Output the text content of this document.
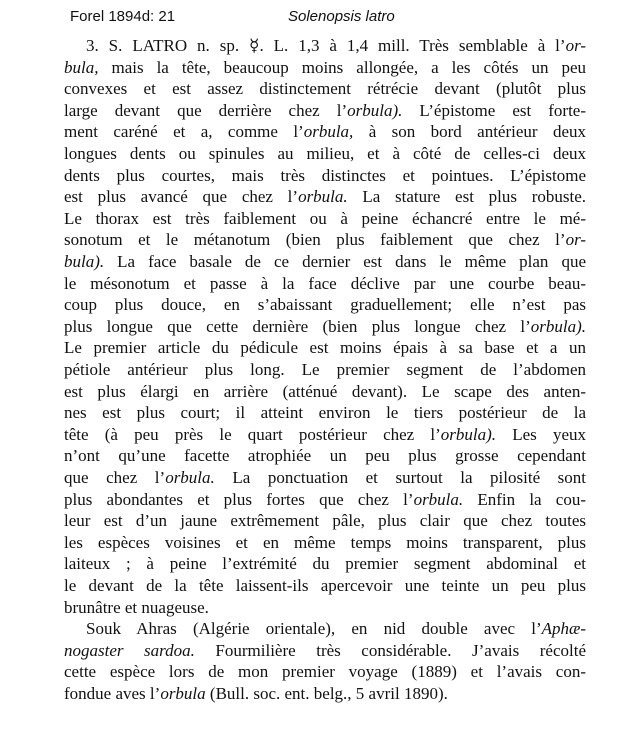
Forel 1894d: 21	Solenopsis latro
3. S. LATRO n. sp. ☿. L. 1,3 à 1,4 mill. Très semblable à l’or-
bula, mais la tête, beaucoup moins allongée, a les côtés un peu
convexes et est assez distinctement rétrécie devant (plutôt plus
large devant que derrière chez l’orbula). L’épistome est forte-
ment caréné et a, comme l’orbula, à son bord antérieur deux
longues dents ou spinules au milieu, et à côté de celles-ci deux
dents plus courtes, mais très distinctes et pointues. L’épistome
est plus avancé que chez l’orbula. La stature est plus robuste.
Le thorax est très faiblement ou à peine échancré entre le mé-
sonotum et le métanotum (bien plus faiblement que chez l’or-
bula). La face basale de ce dernier est dans le même plan que
le mésonotum et passe à la face déclive par une courbe beau-
coup plus douce, en s’abaissant graduellement; elle n’est pas
plus longue que cette dernière (bien plus longue chez l’orbula).
Le premier article du pédicule est moins épais à sa base et a un
pétiole antérieur plus long. Le premier segment de l’abdomen
est plus élargi en arrière (atténué devant). Le scape des anten-
nes est plus court; il atteint environ le tiers postérieur de la
tête (à peu près le quart postérieur chez l’orbula). Les yeux
n’ont qu’une facette atrophiée un peu plus grosse cependant
que chez l’orbula. La ponctuation et surtout la pilosité sont
plus abondantes et plus fortes que chez l’orbula. Enfin la cou-
leur est d’un jaune extrêmement pâle, plus clair que chez toutes
les espèces voisines et en même temps moins transparent, plus
laiteux ; à peine l’extrémité du premier segment abdominal et
le devant de la tête laissent-ils apercevoir une teinte un peu plus
brunâtre et nuageuse.
Souk Ahras (Algérie orientale), en nid double avec l’Aphæ-
nogaster sardoa. Fourmilière très considérable. J’avais récolté
cette espèce lors de mon premier voyage (1889) et l’avais con-
fondue aves l’orbula (Bull. soc. ent. belg., 5 avril 1890).
